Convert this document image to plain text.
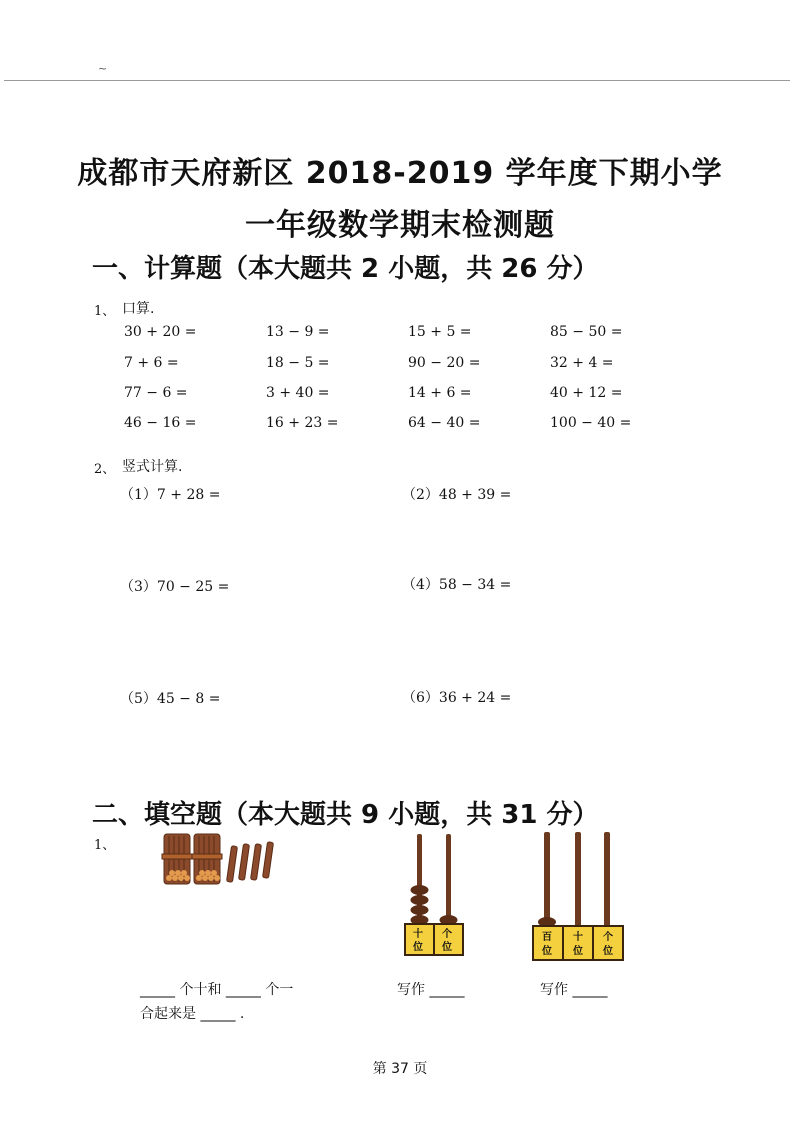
~
成都市天府新区 2018-2019 学年度下期小学
一年级数学期末检测题
一、计算题（本大题共 2 小题，共 26 分）
1、 口算.
30 + 20 =	13 − 9 =	15 + 5 =	85 − 50 =
7 + 6 =	18 − 5 =	90 − 20 =	32 + 4 =
77 − 6 =	3 + 40 =	14 + 6 =	40 + 12 =
46 − 16 =	16 + 23 =	64 − 40 =	100 − 40 =
2、 竖式计算.
（1）7 + 28 =	（2）48 + 39 =
（3）70 − 25 =	（4）58 − 34 =
（5）45 − 8 =	（6）36 + 24 =
二、填空题（本大题共 9 小题，共 31 分）
1、
十
位
个
位
百
位
十
位
个
位
_____ 个十和 _____ 个一
合起来是 _____ .
写作 _____	写作 _____
第 37 页
